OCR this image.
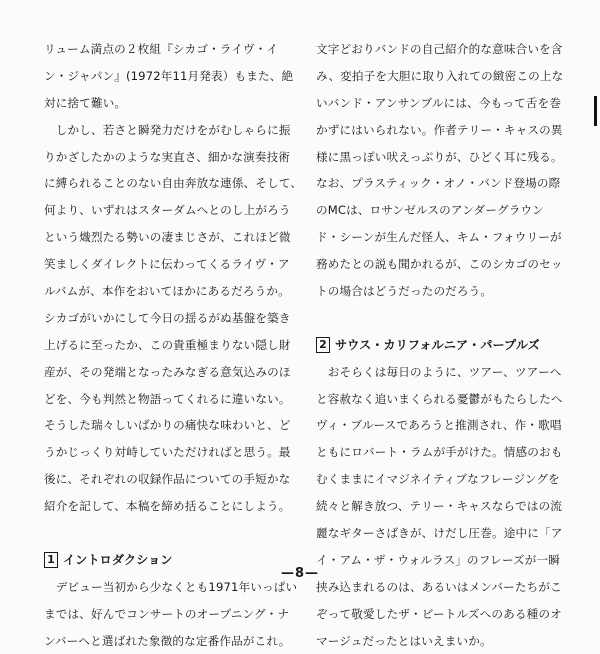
リューム満点の２枚組『シカゴ・ライヴ・イ
ン・ジャパン』(1972年11月発表）もまた、絶
対に捨て難い。
　しかし、若さと瞬発力だけをがむしゃらに振
りかざしたかのような実直さ、細かな演奏技術
に縛られることのない自由奔放な連係、そして、
何より、いずれはスターダムへとのし上がろう
という熾烈たる勢いの凄まじさが、これほど微
笑ましくダイレクトに伝わってくるライヴ・ア
ルバムが、本作をおいてほかにあるだろうか。
シカゴがいかにして今日の揺るがぬ基盤を築き
上げるに至ったか、この貴重極まりない隠し財
産が、その発端となったみなぎる意気込みのほ
どを、今も判然と物語ってくれるに違いない。
そうした瑞々しいばかりの痛快な味わいと、ど
うかじっくり対峙していただければと思う。最
後に、それぞれの収録作品についての手短かな
紹介を記して、本稿を締め括ることにしよう。
1 イントロダクション
　デビュー当初から少なくとも1971年いっぱい
までは、好んでコンサートのオープニング・ナ
ンバーへと選ばれた象徴的な定番作品がこれ。
文字どおりバンドの自己紹介的な意味合いを含
み、変拍子を大胆に取り入れての緻密この上な
いバンド・アンサンブルには、今もって舌を巻
かずにはいられない。作者テリー・キャスの異
様に黒っぽい吠えっぷりが、ひどく耳に残る。
なお、プラスティック・オノ・バンド登場の際
のMCは、ロサンゼルスのアンダーグラウン
ド・シーンが生んだ怪人、キム・フォウリーが
務めたとの説も聞かれるが、このシカゴのセッ
トの場合はどうだったのだろう。
2 サウス・カリフォルニア・パープルズ
　おそらくは毎日のように、ツアー、ツアーへ
と容赦なく追いまくられる憂鬱がもたらしたヘ
ヴィ・ブルースであろうと推測され、作・歌唱
ともにロバート・ラムが手がけた。情感のおも
むくままにイマジネイティブなフレージングを
続々と解き放つ、テリー・キャスならではの流
麗なギターさばきが、けだし圧巻。途中に「ア
イ・アム・ザ・ウォルラス」のフレーズが一瞬
挟み込まれるのは、あるいはメンバーたちがこ
ぞって敬愛したザ・ビートルズへのある種のオ
マージュだったとはいえまいか。
—8—
